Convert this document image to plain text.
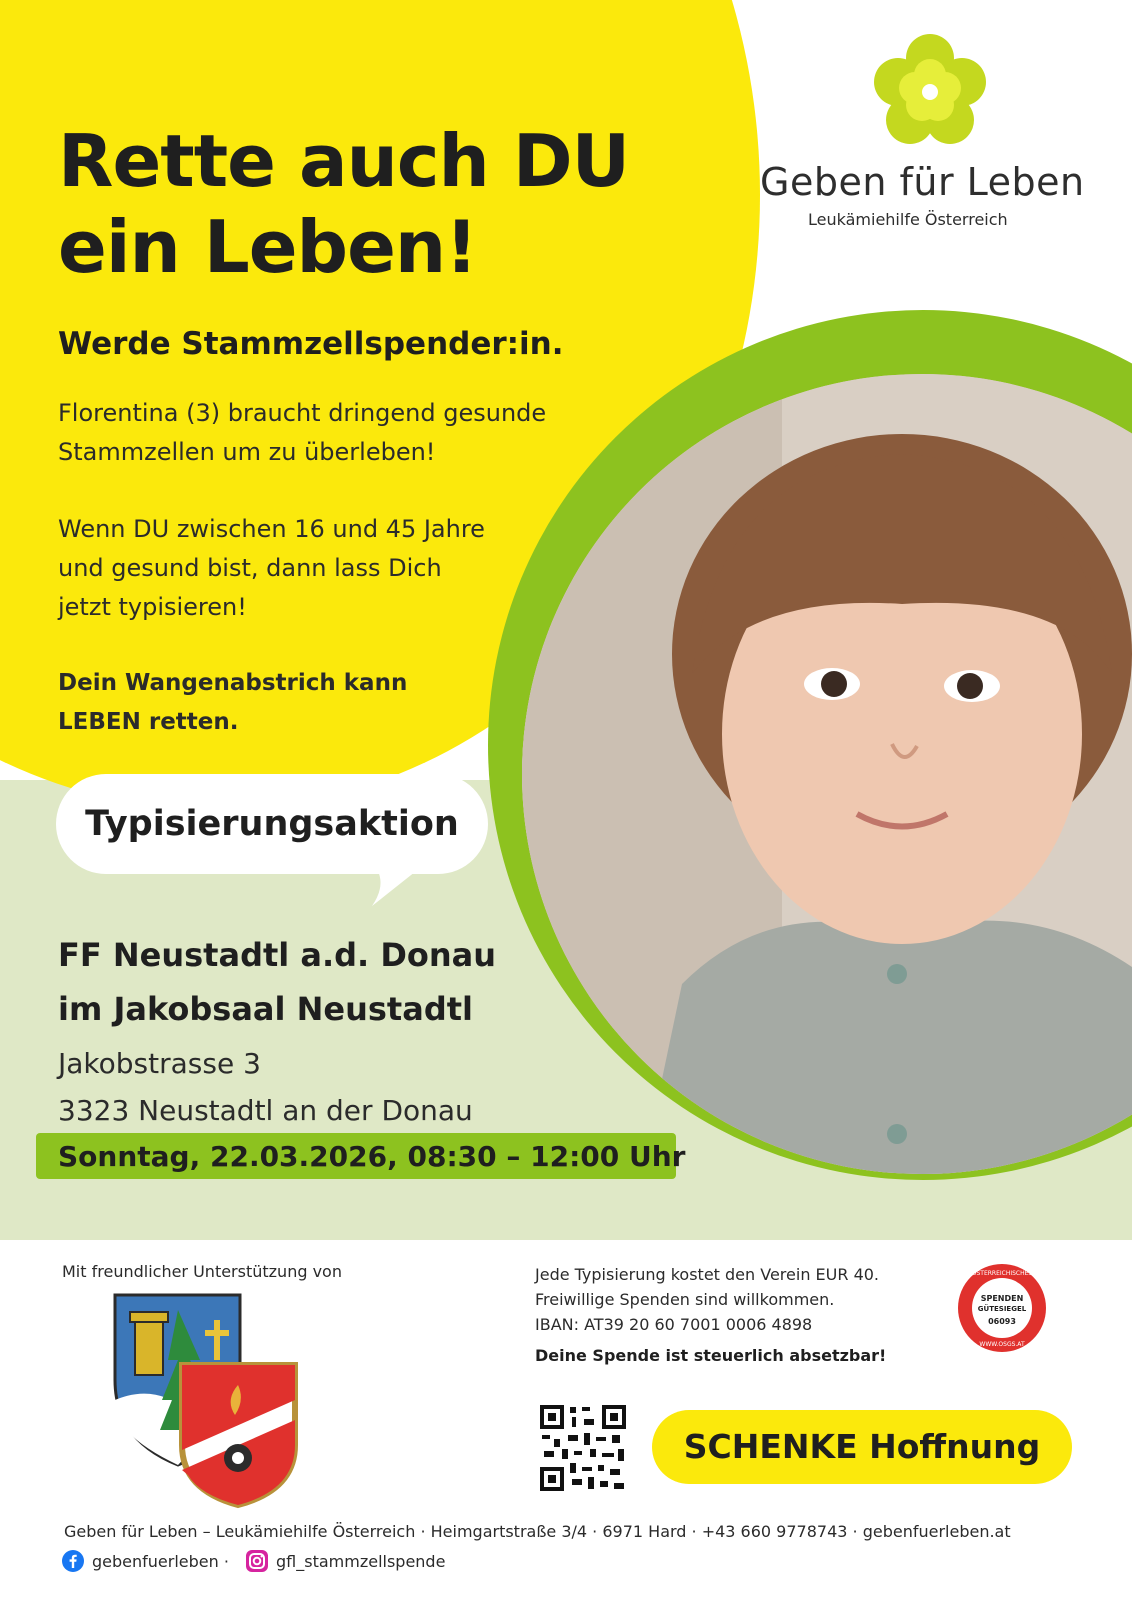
Geben für Leben
Leukämiehilfe Österreich
Rette auch DU
ein Leben!
Werde Stammzellspender:in.
Florentina (3) braucht dringend gesunde
Stammzellen um zu überleben!
Wenn DU zwischen 16 und 45 Jahre
und gesund bist, dann lass Dich
jetzt typisieren!
Dein Wangenabstrich kann
LEBEN retten.
Typisierungsaktion
FF Neustadtl a.d. Donau
im Jakobsaal Neustadtl
Jakobstrasse 3
3323 Neustadtl an der Donau
Sonntag, 22.03.2026, 08:30 – 12:00 Uhr
Mit freundlicher Unterstützung von	Jede Typisierung kostet den Verein EUR 40.
Freiwillige Spenden sind willkommen.
IBAN: AT39 20 60 7001 0006 4898
Deine Spende ist steuerlich absetzbar!
SPENDEN
GÜTESIEGEL
06093
ÖSTERREICHISCHES
WWW.OSGS.AT
SCHENKE Hoffnung
Geben für Leben – Leukämiehilfe Österreich · Heimgartstraße 3/4 · 6971 Hard · +43 660 9778743 · gebenfuerleben.at
gebenfuerleben ·	gfl_stammzellspende
